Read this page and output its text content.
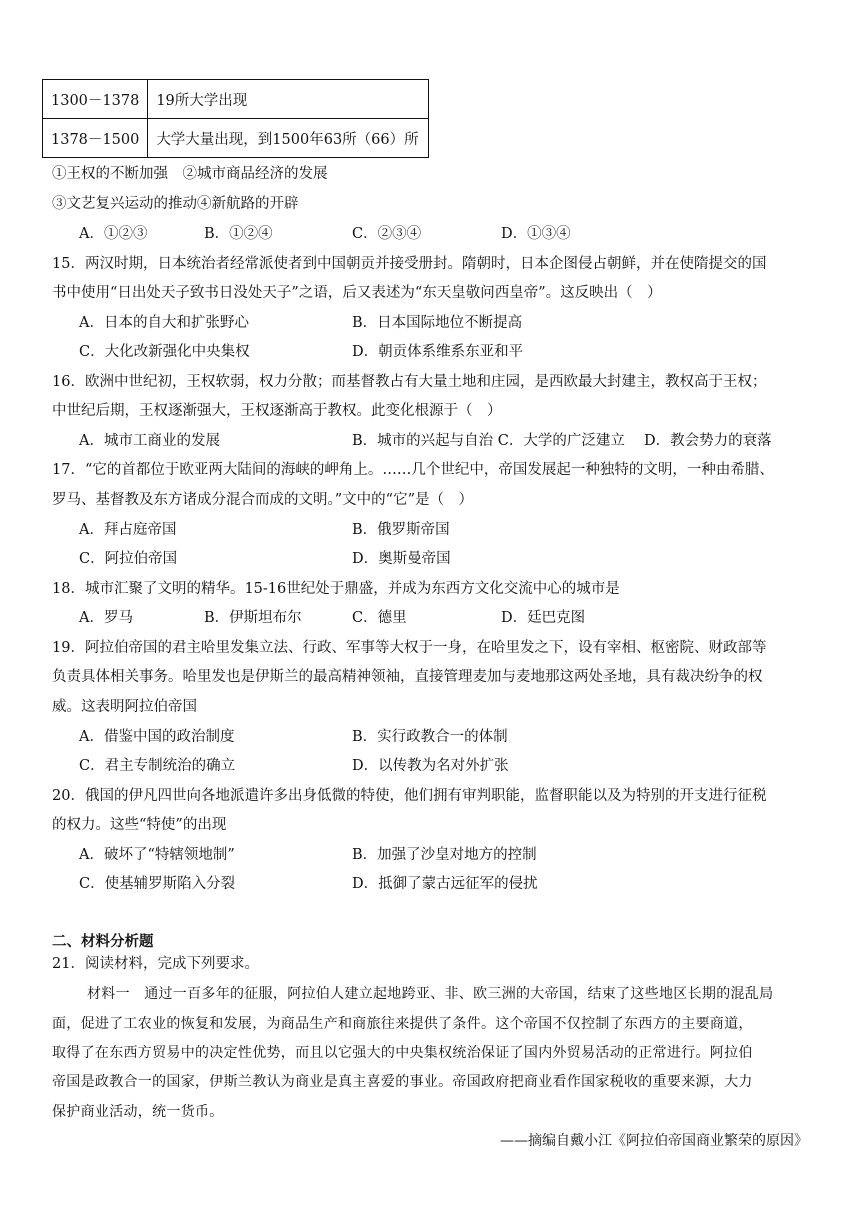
1300－1378	19所大学出现
1378－1500	大学大量出现，到1500年63所（66）所
①王权的不断加强　②城市商品经济的发展
③文艺复兴运动的推动④新航路的开辟
A．①②③	B．①②④	C．②③④	D．①③④
15．两汉时期，日本统治者经常派使者到中国朝贡并接受册封。隋朝时，日本企图侵占朝鲜，并在使隋提交的国
书中使用“日出处天子致书日没处天子”之语，后又表述为“东天皇敬问西皇帝”。这反映出（　）
A．日本的自大和扩张野心	B．日本国际地位不断提高
C．大化改新强化中央集权	D．朝贡体系维系东亚和平
16．欧洲中世纪初，王权软弱，权力分散；而基督教占有大量土地和庄园，是西欧最大封建主，教权高于王权；
中世纪后期，王权逐渐强大，王权逐渐高于教权。此变化根源于（　）
A．城市工商业的发展	B．城市的兴起与自治 C．大学的广泛建立　 D．教会势力的衰落
17．“它的首都位于欧亚两大陆间的海峡的岬角上。……几个世纪中，帝国发展起一种独特的文明，一种由希腊、
罗马、基督教及东方诸成分混合而成的文明。”文中的“它”是（　）
A．拜占庭帝国	B．俄罗斯帝国
C．阿拉伯帝国	D．奥斯曼帝国
18．城市汇聚了文明的精华。15-16世纪处于鼎盛，并成为东西方文化交流中心的城市是
A．罗马	B．伊斯坦布尔	C．德里	D．廷巴克图
19．阿拉伯帝国的君主哈里发集立法、行政、军事等大权于一身，在哈里发之下，设有宰相、枢密院、财政部等
负责具体相关事务。哈里发也是伊斯兰的最高精神领袖，直接管理麦加与麦地那这两处圣地，具有裁决纷争的权
威。这表明阿拉伯帝国
A．借鉴中国的政治制度	B．实行政教合一的体制
C．君主专制统治的确立	D．以传教为名对外扩张
20．俄国的伊凡四世向各地派遣许多出身低微的特使，他们拥有审判职能，监督职能以及为特别的开支进行征税
的权力。这些“特使”的出现
A．破坏了“特辖领地制”	B．加强了沙皇对地方的控制
C．使基辅罗斯陷入分裂	D．抵御了蒙古远征军的侵扰
二、材料分析题
21．阅读材料，完成下列要求。
材料一　通过一百多年的征服，阿拉伯人建立起地跨亚、非、欧三洲的大帝国，结束了这些地区长期的混乱局
面，促进了工农业的恢复和发展，为商品生产和商旅往来提供了条件。这个帝国不仅控制了东西方的主要商道，
取得了在东西方贸易中的决定性优势，而且以它强大的中央集权统治保证了国内外贸易活动的正常进行。阿拉伯
帝国是政教合一的国家，伊斯兰教认为商业是真主喜爱的事业。帝国政府把商业看作国家税收的重要来源，大力
保护商业活动，统一货币。
——摘编自戴小江《阿拉伯帝国商业繁荣的原因》
